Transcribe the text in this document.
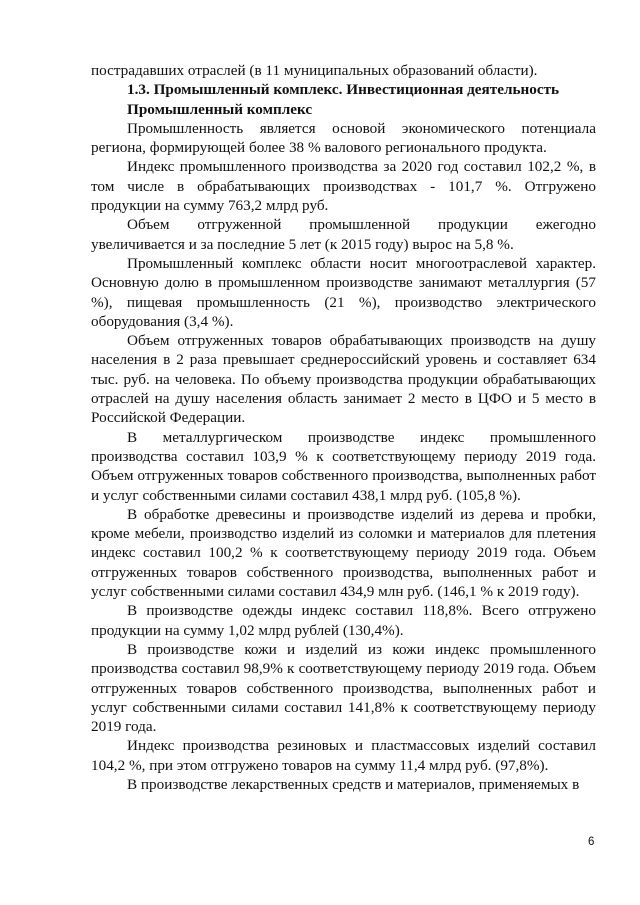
пострадавших отраслей (в 11 муниципальных образований области).

1.3. Промышленный комплекс. Инвестиционная деятельность
Промышленный комплекс

Промышленность является основой экономического потенциала региона, формирующей более 38 % валового регионального продукта.

Индекс промышленного производства за 2020 год составил 102,2 %, в том числе в обрабатывающих производствах - 101,7 %. Отгружено продукции на сумму 763,2 млрд руб.

Объем отгруженной промышленной продукции ежегодно увеличивается и за последние 5 лет (к 2015 году) вырос на 5,8 %.

Промышленный комплекс области носит многоотраслевой характер. Основную долю в промышленном производстве занимают металлургия (57 %), пищевая промышленность (21 %), производство электрического оборудования (3,4 %).

Объем отгруженных товаров обрабатывающих производств на душу населения в 2 раза превышает среднероссийский уровень и составляет 634 тыс. руб. на человека. По объему производства продукции обрабатывающих отраслей на душу населения область занимает 2 место в ЦФО и 5 место в Российской Федерации.

В металлургическом производстве индекс промышленного производства составил 103,9 % к соответствующему периоду 2019 года. Объем отгруженных товаров собственного производства, выполненных работ и услуг собственными силами составил 438,1 млрд руб. (105,8 %).

В обработке древесины и производстве изделий из дерева и пробки, кроме мебели, производство изделий из соломки и материалов для плетения индекс составил 100,2 % к соответствующему периоду 2019 года. Объем отгруженных товаров собственного производства, выполненных работ и услуг собственными силами составил 434,9 млн руб. (146,1 % к 2019 году).

В производстве одежды индекс составил 118,8%. Всего отгружено продукции на сумму 1,02 млрд рублей (130,4%).

В производстве кожи и изделий из кожи индекс промышленного производства составил 98,9% к соответствующему периоду 2019 года. Объем отгруженных товаров собственного производства, выполненных работ и услуг собственными силами составил 141,8% к соответствующему периоду 2019 года.

Индекс производства резиновых и пластмассовых изделий составил 104,2 %, при этом отгружено товаров на сумму 11,4 млрд руб. (97,8%).

В производстве лекарственных средств и материалов, применяемых в

6
